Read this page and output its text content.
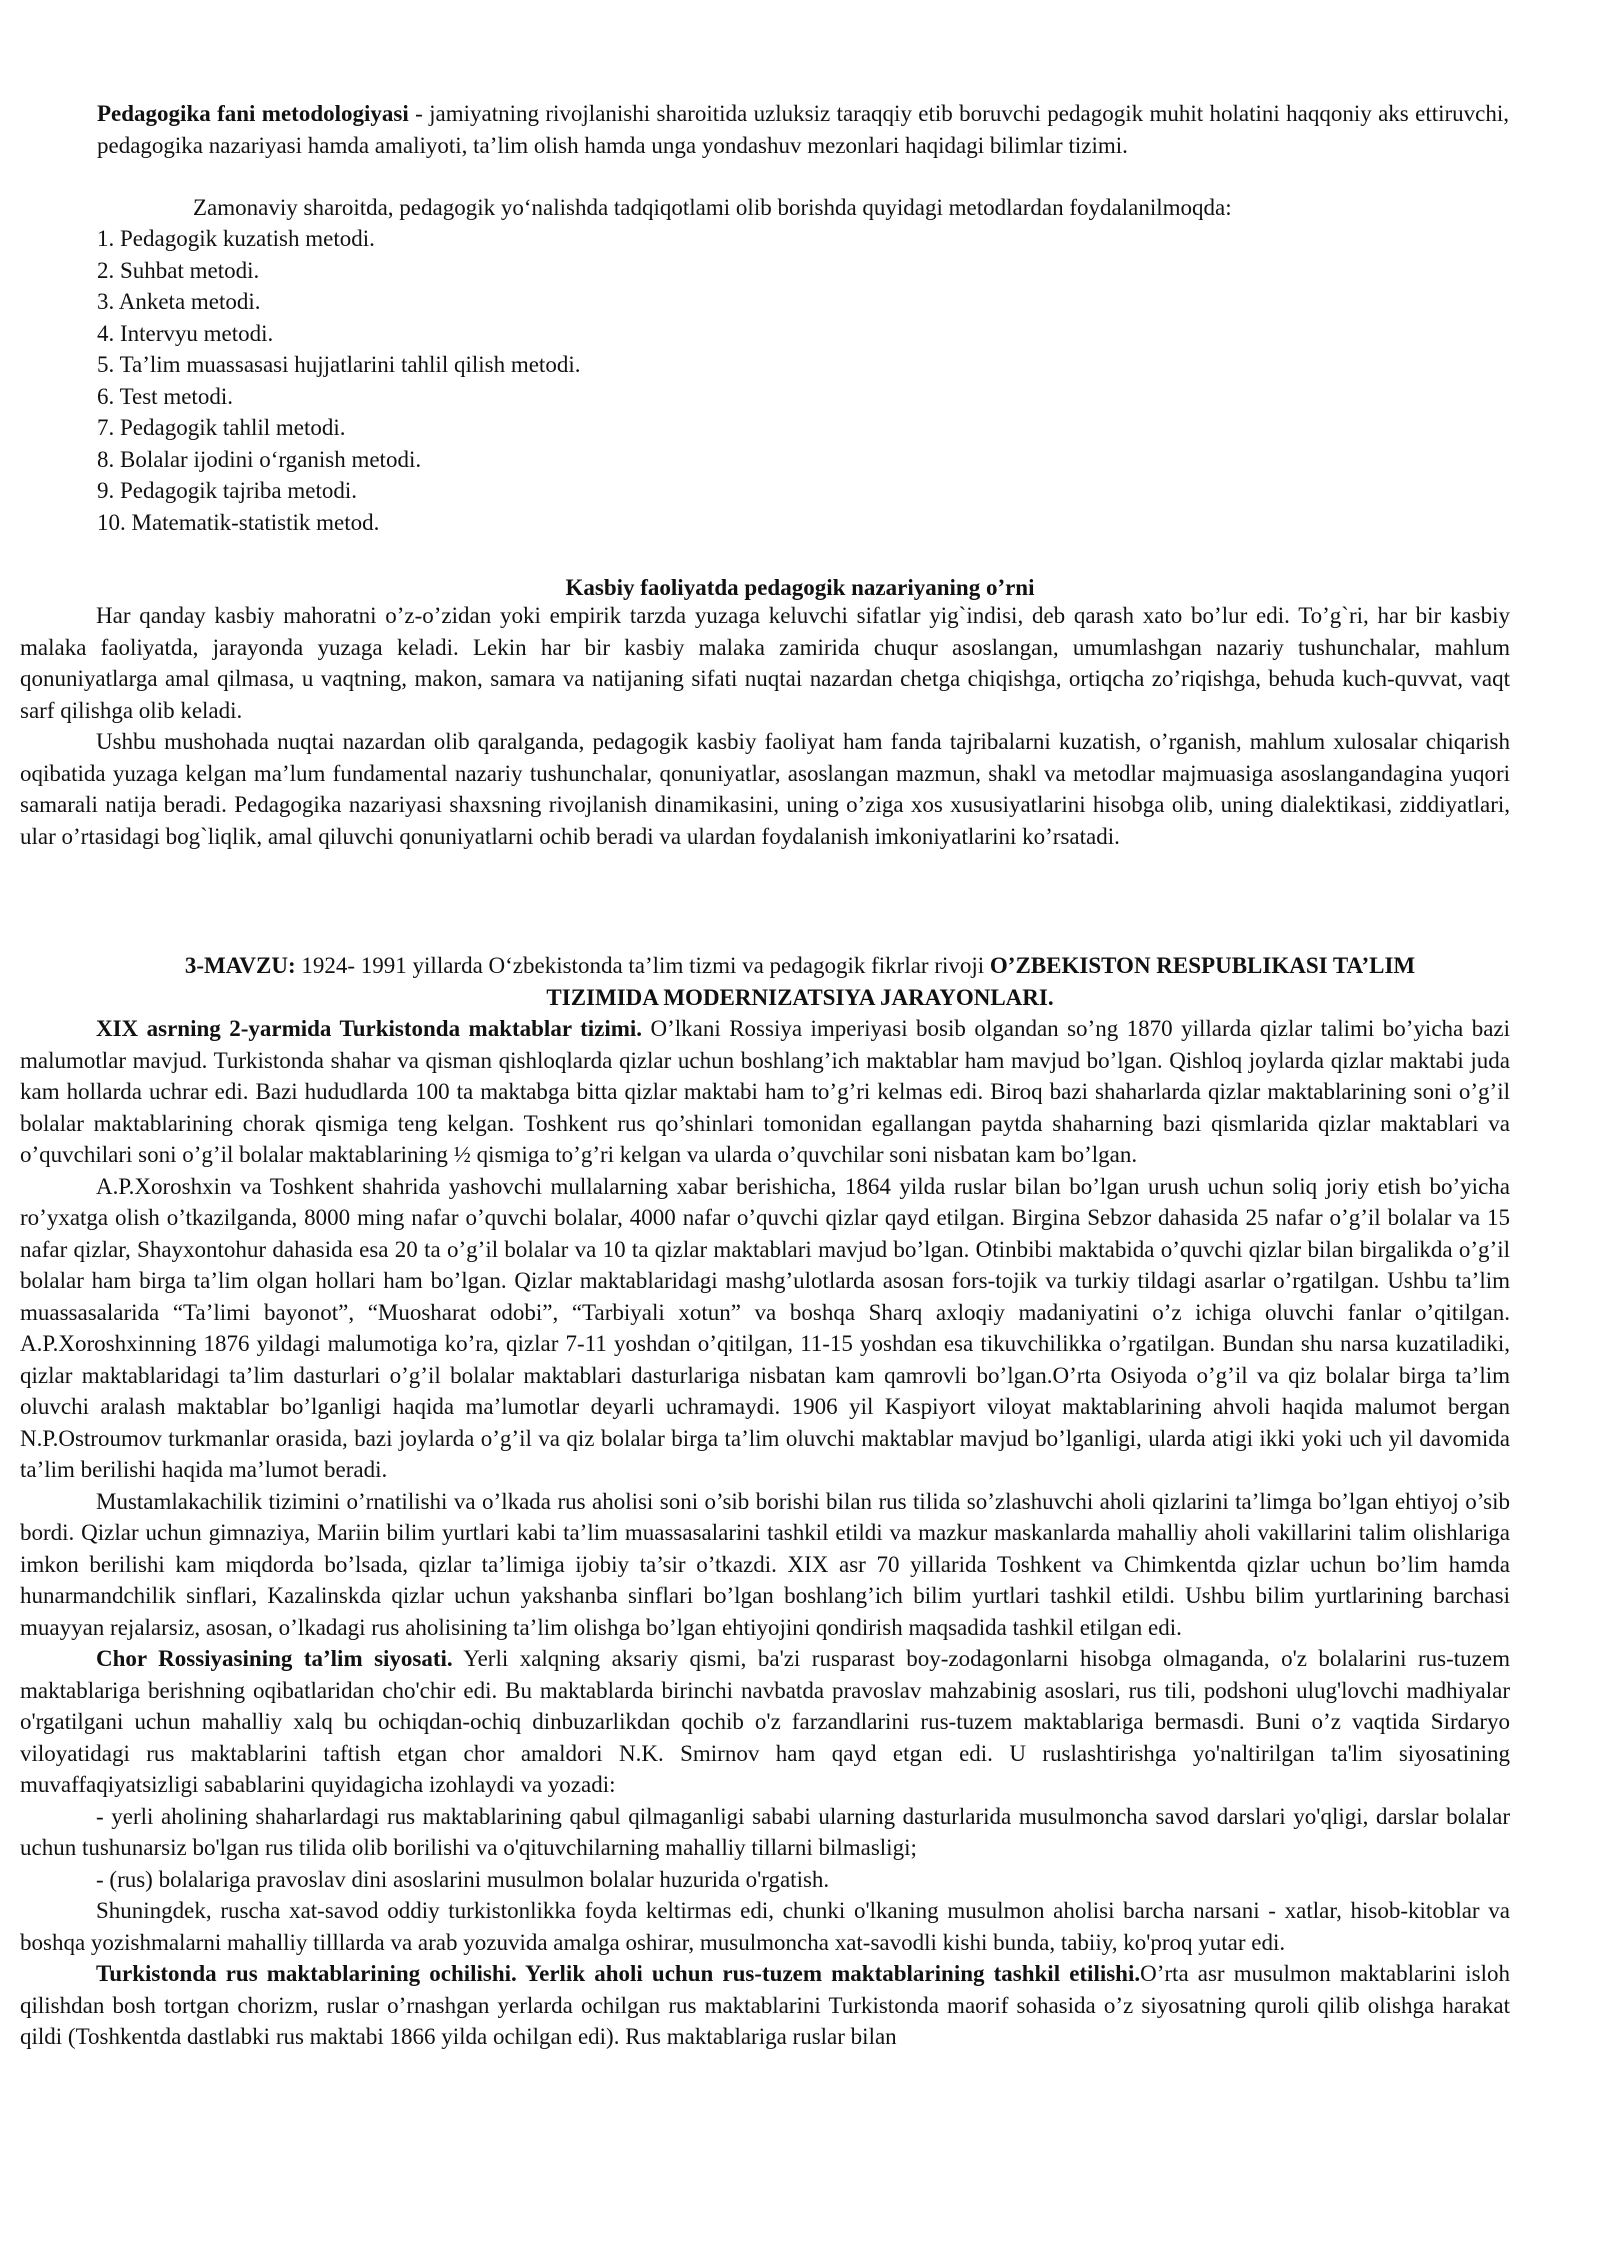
Pedagogika fani metodologiyasi - jamiyatning rivojlanishi sharoitida uzluksiz taraqqiy etib boruvchi pedagogik muhit holatini haqqoniy aks ettiruvchi, pedagogika nazariyasi hamda amaliyoti, ta’lim olish hamda unga yondashuv mezonlari haqidagi bilimlar tizimi.
Zamonaviy sharoitda, pedagogik yo‘nalishda tadqiqotlami olib borishda quyidagi metodlardan foydalanilmoqda:
1. Pedagogik kuzatish metodi.
2. Suhbat metodi.
3. Anketa metodi.
4. Intervyu metodi.
5. Ta’lim muassasasi hujjatlarini tahlil qilish metodi.
6. Test metodi.
7. Pedagogik tahlil metodi.
8. Bolalar ijodini o‘rganish metodi.
9. Pedagogik tajriba metodi.
10. Matematik-statistik metod.
Kasbiy faoliyatda pedagogik nazariyaning o’rni

Har qanday kasbiy mahoratni o’z-o’zidan yoki empirik tarzda yuzaga keluvchi sifatlar yig`indisi, deb qarash xato bo’lur edi. To’g`ri, har bir kasbiy malaka faoliyatda, jarayonda yuzaga keladi. Lekin har bir kasbiy malaka zamirida chuqur asoslangan, umumlashgan nazariy tushunchalar, mahlum qonuniyatlarga amal qilmasa, u vaqtning, makon, samara va natijaning sifati nuqtai nazardan chetga chiqishga, ortiqcha zo’riqishga, behuda kuch-quvvat, vaqt sarf qilishga olib keladi.

Ushbu mushohada nuqtai nazardan olib qaralganda, pedagogik kasbiy faoliyat ham fanda tajribalarni kuzatish, o’rganish, mahlum xulosalar chiqarish oqibatida yuzaga kelgan ma’lum fundamental nazariy tushunchalar, qonuniyatlar, asoslangan mazmun, shakl va metodlar majmuasiga asoslangandagina yuqori samarali natija beradi. Pedagogika nazariyasi shaxsning rivojlanish dinamikasini, uning o’ziga xos xususiyatlarini hisobga olib, uning dialektikasi, ziddiyatlari, ular o’rtasidagi bog`liqlik, amal qiluvchi qonuniyatlarni ochib beradi va ulardan foydalanish imkoniyatlarini ko’rsatadi.

3-MAVZU: 1924- 1991 yillarda O‘zbekistonda ta’lim tizmi va pedagogik fikrlar rivoji O’ZBEKISTON RESPUBLIKASI TA’LIM
TIZIMIDA MODERNIZATSIYA JARAYONLARI.

XIX asrning 2-yarmida Turkistonda maktablar tizimi. O’lkani Rossiya imperiyasi bosib olgandan so’ng 1870 yillarda qizlar talimi bo’yicha bazi malumotlar mavjud. Turkistonda shahar va qisman qishloqlarda qizlar uchun boshlang’ich maktablar ham mavjud bo’lgan. Qishloq joylarda qizlar maktabi juda kam hollarda uchrar edi. Bazi hududlarda 100 ta maktabga bitta qizlar maktabi ham to’g’ri kelmas edi. Biroq bazi shaharlarda qizlar maktablarining soni o’g’il bolalar maktablarining chorak qismiga teng kelgan. Toshkent rus qo’shinlari tomonidan egallangan paytda shaharning bazi qismlarida qizlar maktablari va o’quvchilari soni o’g’il bolalar maktablarining ½ qismiga to’g’ri kelgan va ularda o’quvchilar soni nisbatan kam bo’lgan.

A.P.Xoroshxin va Toshkent shahrida yashovchi mullalarning xabar berishicha, 1864 yilda ruslar bilan bo’lgan urush uchun soliq joriy etish bo’yicha ro’yxatga olish o’tkazilganda, 8000 ming nafar o’quvchi bolalar, 4000 nafar o’quvchi qizlar qayd etilgan. Birgina Sebzor dahasida 25 nafar o’g’il bolalar va 15 nafar qizlar, Shayxontohur dahasida esa 20 ta o’g’il bolalar va 10 ta qizlar maktablari mavjud bo’lgan. Otinbibi maktabida o’quvchi qizlar bilan birgalikda o’g’il bolalar ham birga ta’lim olgan hollari ham bo’lgan. Qizlar maktablaridagi mashg’ulotlarda asosan fors-tojik va turkiy tildagi asarlar o’rgatilgan. Ushbu ta’lim muassasalarida “Ta’limi bayonot”, “Muosharat odobi”, “Tarbiyali xotun” va boshqa Sharq axloqiy madaniyatini o’z ichiga oluvchi fanlar o’qitilgan. A.P.Xoroshxinning 1876 yildagi malumotiga ko’ra, qizlar 7-11 yoshdan o’qitilgan, 11-15 yoshdan esa tikuvchilikka o’rgatilgan. Bundan shu narsa kuzatiladiki, qizlar maktablaridagi ta’lim dasturlari o’g’il bolalar maktablari dasturlariga nisbatan kam qamrovli bo’lgan.O’rta Osiyoda o’g’il va qiz bolalar birga ta’lim oluvchi aralash maktablar bo’lganligi haqida ma’lumotlar deyarli uchramaydi. 1906 yil Kaspiyort viloyat maktablarining ahvoli haqida malumot bergan N.P.Ostroumov turkmanlar orasida, bazi joylarda o’g’il va qiz bolalar birga ta’lim oluvchi maktablar mavjud bo’lganligi, ularda atigi ikki yoki uch yil davomida ta’lim berilishi haqida ma’lumot beradi.

Mustamlakachilik tizimini o’rnatilishi va o’lkada rus aholisi soni o’sib borishi bilan rus tilida so’zlashuvchi aholi qizlarini ta’limga bo’lgan ehtiyoj o’sib bordi. Qizlar uchun gimnaziya, Mariin bilim yurtlari kabi ta’lim muassasalarini tashkil etildi va mazkur maskanlarda mahalliy aholi vakillarini talim olishlariga imkon berilishi kam miqdorda bo’lsada, qizlar ta’limiga ijobiy ta’sir o’tkazdi. XIX asr 70 yillarida Toshkent va Chimkentda qizlar uchun bo’lim hamda hunarmandchilik sinflari, Kazalinskda qizlar uchun yakshanba sinflari bo’lgan boshlang’ich bilim yurtlari tashkil etildi. Ushbu bilim yurtlarining barchasi muayyan rejalarsiz, asosan, o’lkadagi rus aholisining ta’lim olishga bo’lgan ehtiyojini qondirish maqsadida tashkil etilgan edi.

Chor Rossiyasining ta’lim siyosati. Yerli xalqning aksariy qismi, ba'zi rusparast boy-zodagonlarni hisobga olmaganda, o'z bolalarini rus-tuzem maktablariga berishning oqibatlaridan cho'chir edi. Bu maktablarda birinchi navbatda pravoslav mahzabinig asoslari, rus tili, podshoni ulug'lovchi madhiyalar o'rgatilgani uchun mahalliy xalq bu ochiqdan-ochiq dinbuzarlikdan qochib o'z farzandlarini rus-tuzem maktablariga bermasdi. Buni o’z vaqtida Sirdaryo viloyatidagi rus maktablarini taftish etgan chor amaldori N.K. Smirnov ham qayd etgan edi. U ruslashtirishga yo'naltirilgan ta'lim siyosatining muvaffaqiyatsizligi sabablarini quyidagicha izohlaydi va yozadi:

- yerli aholining shaharlardagi rus maktablarining qabul qilmaganligi sababi ularning dasturlarida musulmoncha savod darslari yo'qligi, darslar bolalar uchun tushunarsiz bo'lgan rus tilida olib borilishi va o'qituvchilarning mahalliy tillarni bilmasligi;

- (rus) bolalariga pravoslav dini asoslarini musulmon bolalar huzurida o'rgatish.

Shuningdek, ruscha xat-savod oddiy turkistonlikka foyda keltirmas edi, chunki o'lkaning musulmon aholisi barcha narsani - xatlar, hisob-kitoblar va boshqa yozishmalarni mahalliy tilllarda va arab yozuvida amalga oshirar, musulmoncha xat-savodli kishi bunda, tabiiy, ko'proq yutar edi.

Turkistonda rus maktablarining ochilishi. Yerlik aholi uchun rus-tuzem maktablarining tashkil etilishi.O’rta asr musulmon maktablarini isloh qilishdan bosh tortgan chorizm, ruslar o’rnashgan yerlarda ochilgan rus maktablarini Turkistonda maorif sohasida o’z siyosatning quroli qilib olishga harakat qildi (Toshkentda dastlabki rus maktabi 1866 yilda ochilgan edi). Rus maktablariga ruslar bilan
